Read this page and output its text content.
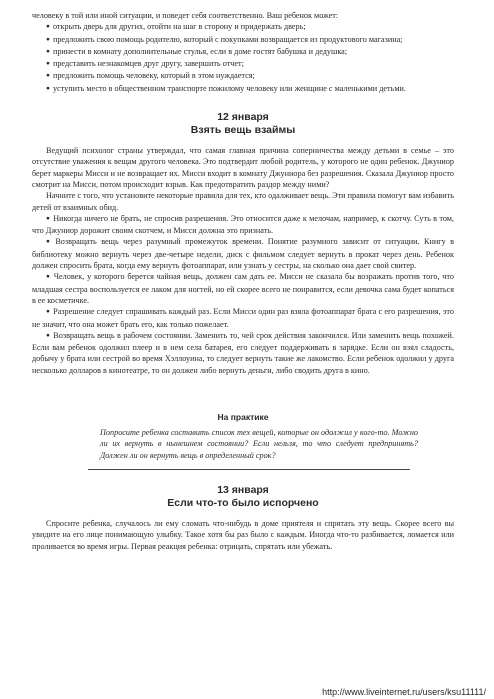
человеку в той или иной ситуации, и поведет себя соответственно. Ваш ребенок может:

● открыть дверь для других, отойти на шаг в сторону и придержать дверь;

● предложить свою помощь родителю, который с покупками возвращается из продуктового магазина;

● принести в комнату дополнительные стулья, если в доме гостят бабушка и дедушка;

● представить незнакомцев друг другу, завершить отчет;

● предложить помощь человеку, который в этом нуждается;

● уступить место в общественном транспорте пожилому человеку или женщине с маленькими детьми.

12 января

Взять вещь взаймы

Ведущий психолог страны утверждал, что самая главная причина соперничества между детьми в семье – это отсутствие уважения к вещам другого человека. Это подтвердит любой родитель, у которого не один ребенок. Джуниор берет маркеры Мисси и не возвращает их. Мисси входит в комнату Джуниора без разрешения. Сказала Джуниор просто смотрит на Мисси, потом происходит взрыв. Как предотвратить раздор между ними?

Начните с того, что установите некоторые правила для тех, кто одалживает вещь. Эти правила помогут вам избавить детей от взаимных обид.

● Никогда ничего не брать, не спросив разрешения. Это относится даже к мелочам, например, к скотчу. Суть в том, что Джуниор дорожит своим скотчем, и Мисси должна это признать.

● Возвращать вещь через разумный промежуток времени. Понятие разумного зависит от ситуации. Книгу в библиотеку можно вернуть через две-четыре недели, диск с фильмом следует вернуть в прокат через день. Ребенок должен спросить брата, когда ему вернуть фотоаппарат, или узнать у сестры, на сколько она дает свой свитер.

● Человек, у которого берется чайная вещь, должен сам дать ее. Мисси не сказала бы возражать против того, что младшая сестра воспользуется ее лаком для ногтей, но ей скорее всего не понравится, если девочка сама будет копаться в ее косметичке.

● Разрешение следует спрашивать каждый раз. Если Мисси один раз взяла фотоаппарат брата с его разрешения, это не значит, что она может брать его, как только пожелает.

● Возвращать вещь в рабочем состоянии. Заменить то, чей срок действия закончился. Или заменить вещь похожей. Если вам ребенок одолжил плеер и в нем села батарея, его следует поддерживать в зарядке. Если он взял сладость, добычу у брата или сестрой во время Хэллоуина, то следует вернуть такие же лакомство. Если ребенок одолжил у друга несколько долларов в кинотеатре, то он должен либо вернуть деньги, либо сводить друга в кино.

На практике

Попросите ребенка составить список тех вещей, которые он одолжил у кого-то. Можно ли их вернуть в нынешнем состоянии? Если нельзя, то что следует предпринять? Должен ли он вернуть вещь в определенный срок?

13 января

Если что-то было испорчено

Спросите ребенка, случалось ли ему сломать что-нибудь в доме приятеля и спрятать эту вещь. Скорее всего вы увидите на его лице понимающую улыбку. Такое хотя бы раз было с каждым. Иногда что-то разбивается, ломается или проливается во время игры. Первая реакция ребенка: отрицать, спрятать или убежать.

http://www.liveinternet.ru/users/ksu11111/
